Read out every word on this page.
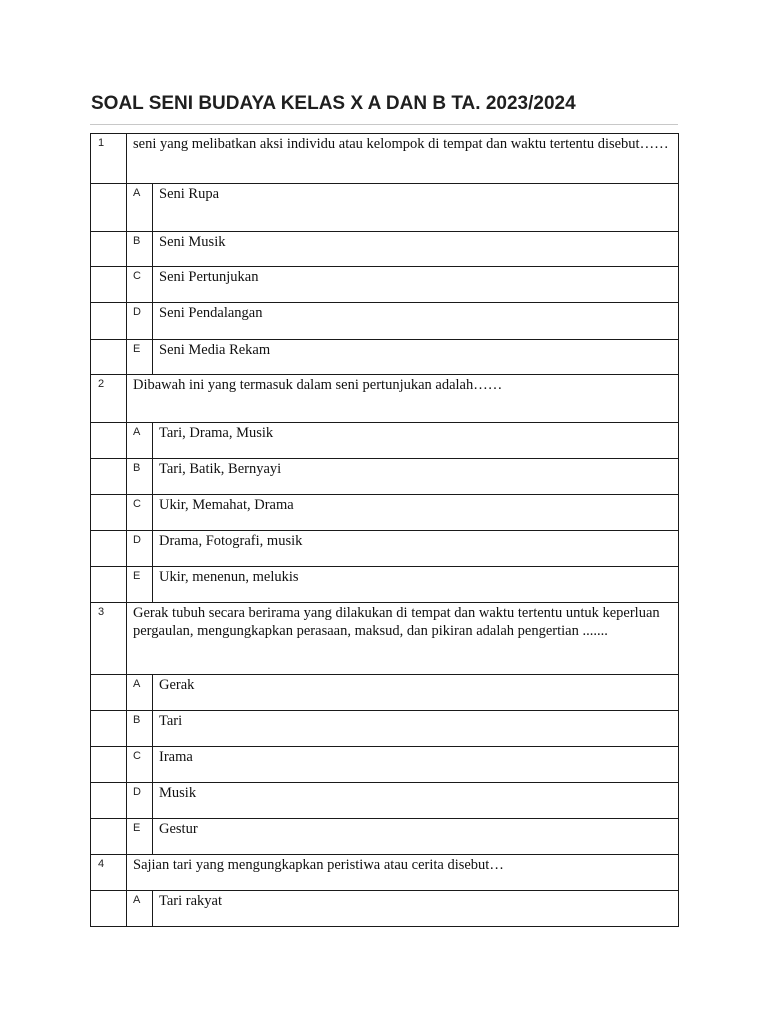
SOAL SENI BUDAYA KELAS X A DAN B TA. 2023/2024
1	seni yang melibatkan aksi individu atau kelompok di tempat dan waktu tertentu disebut……	
	A	Seni Rupa
	B	Seni Musik
	C	Seni Pertunjukan
	D	Seni Pendalangan
	E	Seni Media Rekam
2	Dibawah ini yang termasuk dalam seni pertunjukan adalah……	
	A	Tari, Drama, Musik
	B	Tari, Batik, Bernyayi
	C	Ukir, Memahat, Drama
	D	Drama, Fotografi, musik
	E	Ukir, menenun, melukis
3	Gerak tubuh secara berirama yang dilakukan di tempat dan waktu tertentu untuk keperluan pergaulan, mengungkapkan perasaan, maksud, dan pikiran adalah pengertian .......	
	A	Gerak
	B	Tari
	C	Irama
	D	Musik
	E	Gestur
4	Sajian tari yang mengungkapkan peristiwa atau cerita disebut…	
	A	Tari rakyat
